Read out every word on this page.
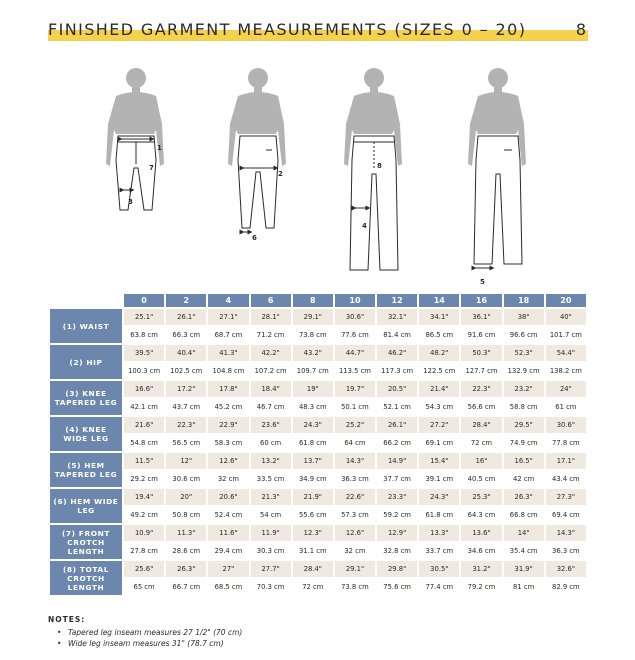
FINISHED GARMENT MEASUREMENTS (SIZES 0 – 20)	8
1
7
3
2
6
8
4
5
	0	2	4	6	8	10	12	14	16	18	20
(1) WAIST	25.1"	26.1"	27.1"	28.1"	29.1"	30.6"	32.1"	34.1"	36.1"	38"	40"
	63.8 cm	66.3 cm	68.7 cm	71.2 cm	73.8 cm	77.6 cm	81.4 cm	86.5 cm	91.6 cm	96.6 cm	101.7 cm
(2) HIP	39.5"	40.4"	41.3"	42.2"	43.2"	44.7"	46.2"	48.2"	50.3"	52.3"	54.4"
	100.3 cm	102.5 cm	104.8 cm	107.2 cm	109.7 cm	113.5 cm	117.3 cm	122.5 cm	127.7 cm	132.9 cm	138.2 cm
(3) KNEE TAPERED LEG	16.6"	17.2"	17.8"	18.4"	19"	19.7"	20.5"	21.4"	22.3"	23.2"	24"
	42.1 cm	43.7 cm	45.2 cm	46.7 cm	48.3 cm	50.1 cm	52.1 cm	54.3 cm	56.6 cm	58.8 cm	61 cm
(4) KNEE WIDE LEG	21.6"	22.3"	22.9"	23.6"	24.3"	25.2"	26.1"	27.2"	28.4"	29.5"	30.6"
	54.8 cm	56.5 cm	58.3 cm	60 cm	61.8 cm	64 cm	66.2 cm	69.1 cm	72 cm	74.9 cm	77.8 cm
(5) HEM TAPERED LEG	11.5"	12"	12.6"	13.2"	13.7"	14.3"	14.9"	15.4"	16"	16.5"	17.1"
	29.2 cm	30.6 cm	32 cm	33.5 cm	34.9 cm	36.3 cm	37.7 cm	39.1 cm	40.5 cm	42 cm	43.4 cm
(6) HEM WIDE LEG	19.4"	20"	20.6"	21.3"	21.9"	22.6"	23.3"	24.3"	25.3"	26.3"	27.3"
	49.2 cm	50.8 cm	52.4 cm	54 cm	55.6 cm	57.3 cm	59.2 cm	61.8 cm	64.3 cm	66.8 cm	69.4 cm
(7) FRONT CROTCH LENGTH	10.9"	11.3"	11.6"	11.9"	12.3"	12.6"	12.9"	13.3"	13.6"	14"	14.3"
	27.8 cm	28.6 cm	29.4 cm	30.3 cm	31.1 cm	32 cm	32.8 cm	33.7 cm	34.6 cm	35.4 cm	36.3 cm
(8) TOTAL CROTCH LENGTH	25.6"	26.3"	27"	27.7"	28.4"	29.1"	29.8"	30.5"	31.2"	31.9"	32.6"
	65 cm	66.7 cm	68.5 cm	70.3 cm	72 cm	73.8 cm	75.6 cm	77.4 cm	79.2 cm	81 cm	82.9 cm
NOTES:
• Tapered leg inseam measures 27 1/2" (70 cm)
• Wide leg inseam measures 31" (78.7 cm)
